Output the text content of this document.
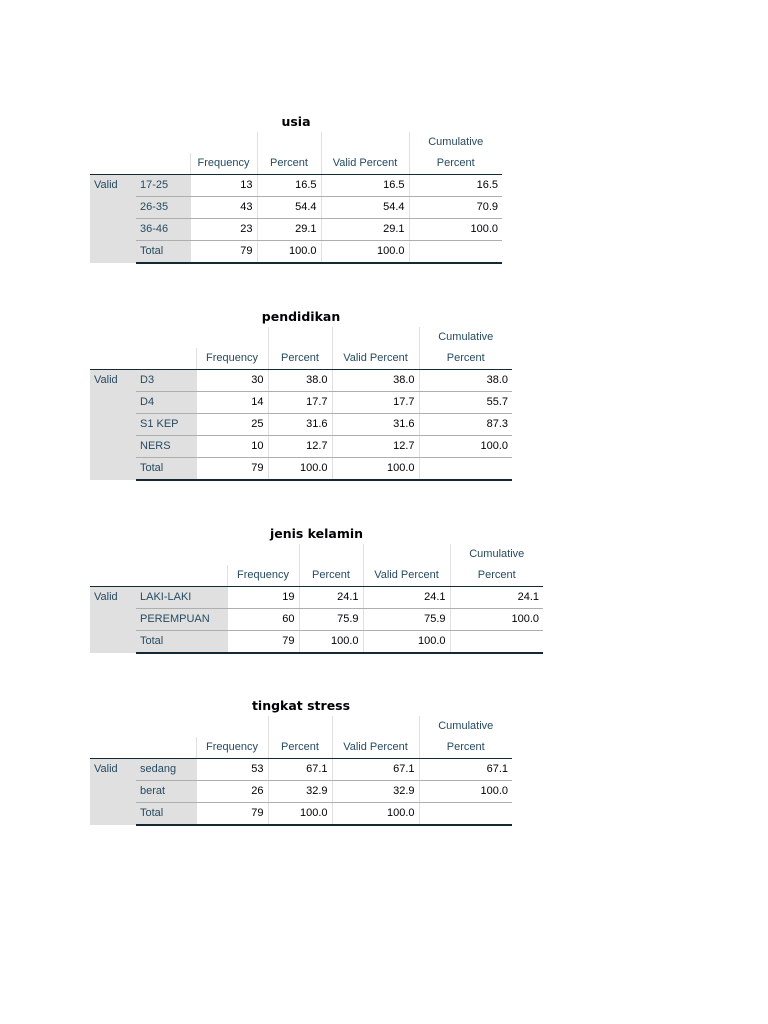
usia
					Cumulative
		Frequency	Percent	Valid Percent	Percent
Valid	17-25	13	16.5	16.5	16.5
	26-35	43	54.4	54.4	70.9
	36-46	23	29.1	29.1	100.0
	Total	79	100.0	100.0	
pendidikan
					Cumulative
		Frequency	Percent	Valid Percent	Percent
Valid	D3	30	38.0	38.0	38.0
	D4	14	17.7	17.7	55.7
	S1 KEP	25	31.6	31.6	87.3
	NERS	10	12.7	12.7	100.0
	Total	79	100.0	100.0	
jenis kelamin
					Cumulative
		Frequency	Percent	Valid Percent	Percent
Valid	LAKI-LAKI	19	24.1	24.1	24.1
	PEREMPUAN	60	75.9	75.9	100.0
	Total	79	100.0	100.0	
tingkat stress
					Cumulative
		Frequency	Percent	Valid Percent	Percent
Valid	sedang	53	67.1	67.1	67.1
	berat	26	32.9	32.9	100.0
	Total	79	100.0	100.0	
